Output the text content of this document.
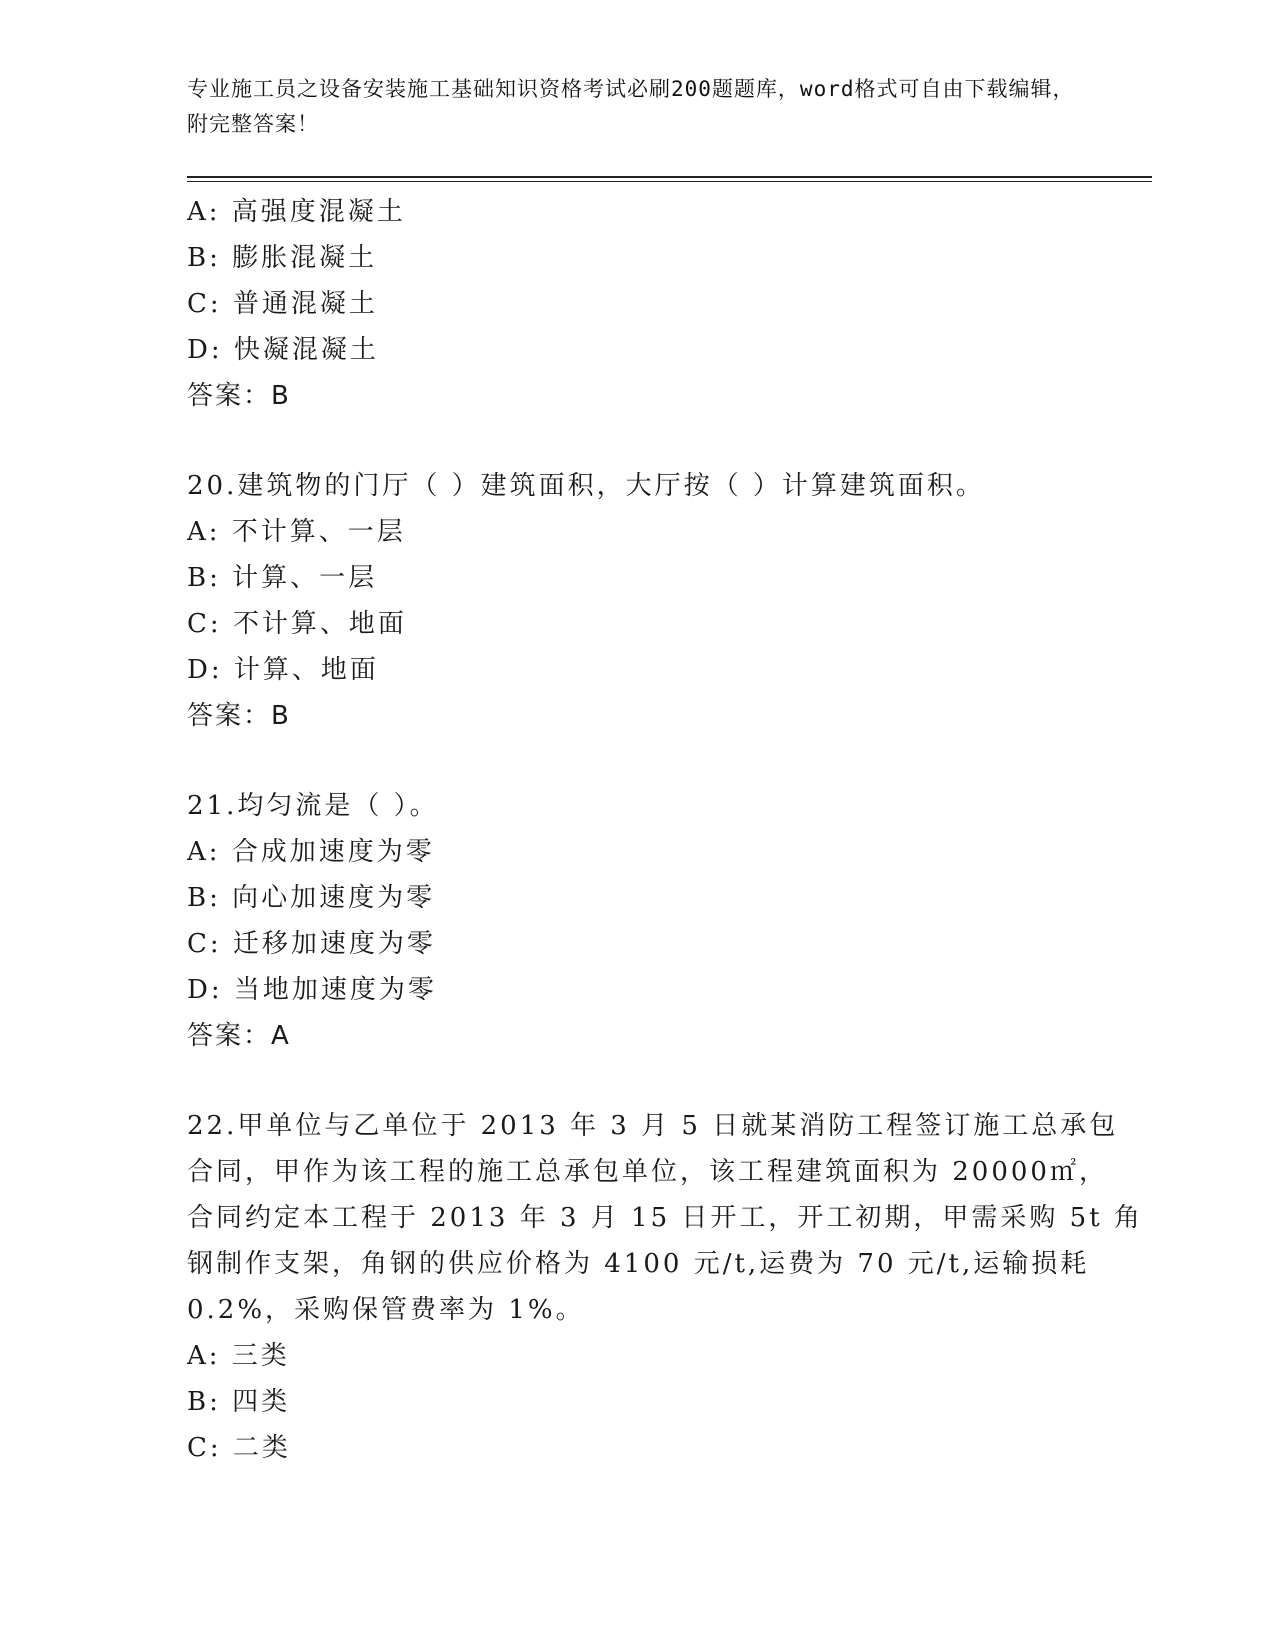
专业施工员之设备安装施工基础知识资格考试必刷200题题库，word格式可自由下载编辑，附完整答案！
A: 高强度混凝土
B: 膨胀混凝土
C: 普通混凝土
D: 快凝混凝土
答案：B
20.建筑物的门厅（ ）建筑面积，大厅按（ ）计算建筑面积。
A: 不计算、一层
B: 计算、一层
C: 不计算、地面
D: 计算、地面
答案：B
21.均匀流是（ ）。
A: 合成加速度为零
B: 向心加速度为零
C: 迁移加速度为零
D: 当地加速度为零
答案：A
22.甲单位与乙单位于 2013 年 3 月 5 日就某消防工程签订施工总承包
合同，甲作为该工程的施工总承包单位，该工程建筑面积为 20000㎡，
合同约定本工程于 2013 年 3 月 15 日开工，开工初期，甲需采购 5t 角
钢制作支架，角钢的供应价格为 4100 元/t,运费为 70 元/t,运输损耗
0.2%，采购保管费率为 1%。
A: 三类
B: 四类
C: 二类
